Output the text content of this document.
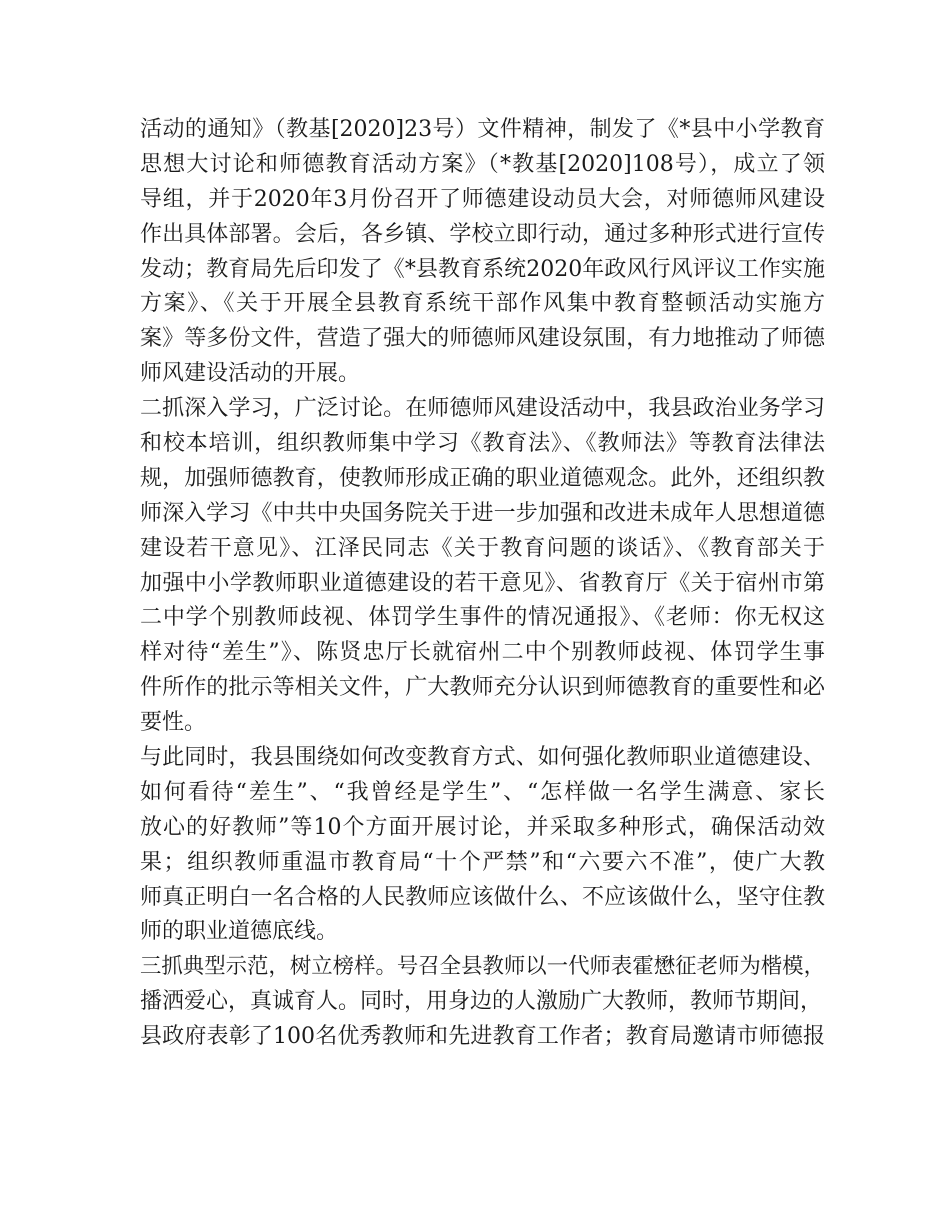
活动的通知》（教基[2020]23号）文件精神，制发了《*县中小学教育
思想大讨论和师德教育活动方案》（*教基[2020]108号），成立了领
导组，并于2020年3月份召开了师德建设动员大会，对师德师风建设
作出具体部署。会后，各乡镇、学校立即行动，通过多种形式进行宣传
发动；教育局先后印发了《*县教育系统2020年政风行风评议工作实施
方案》、《关于开展全县教育系统干部作风集中教育整顿活动实施方
案》等多份文件，营造了强大的师德师风建设氛围，有力地推动了师德
师风建设活动的开展。
二抓深入学习，广泛讨论。在师德师风建设活动中，我县政治业务学习
和校本培训，组织教师集中学习《教育法》、《教师法》等教育法律法
规，加强师德教育，使教师形成正确的职业道德观念。此外，还组织教
师深入学习《中共中央国务院关于进一步加强和改进未成年人思想道德
建设若干意见》、江泽民同志《关于教育问题的谈话》、《教育部关于
加强中小学教师职业道德建设的若干意见》、省教育厅《关于宿州市第
二中学个别教师歧视、体罚学生事件的情况通报》、《老师：你无权这
样对待“差生”》、陈贤忠厅长就宿州二中个别教师歧视、体罚学生事
件所作的批示等相关文件，广大教师充分认识到师德教育的重要性和必
要性。
与此同时，我县围绕如何改变教育方式、如何强化教师职业道德建设、
如何看待“差生”、“我曾经是学生”、“怎样做一名学生满意、家长
放心的好教师”等10个方面开展讨论，并采取多种形式，确保活动效
果；组织教师重温市教育局“十个严禁”和“六要六不准”，使广大教
师真正明白一名合格的人民教师应该做什么、不应该做什么，坚守住教
师的职业道德底线。
三抓典型示范，树立榜样。号召全县教师以一代师表霍懋征老师为楷模，
播洒爱心，真诚育人。同时，用身边的人激励广大教师，教师节期间，
县政府表彰了100名优秀教师和先进教育工作者；教育局邀请市师德报
